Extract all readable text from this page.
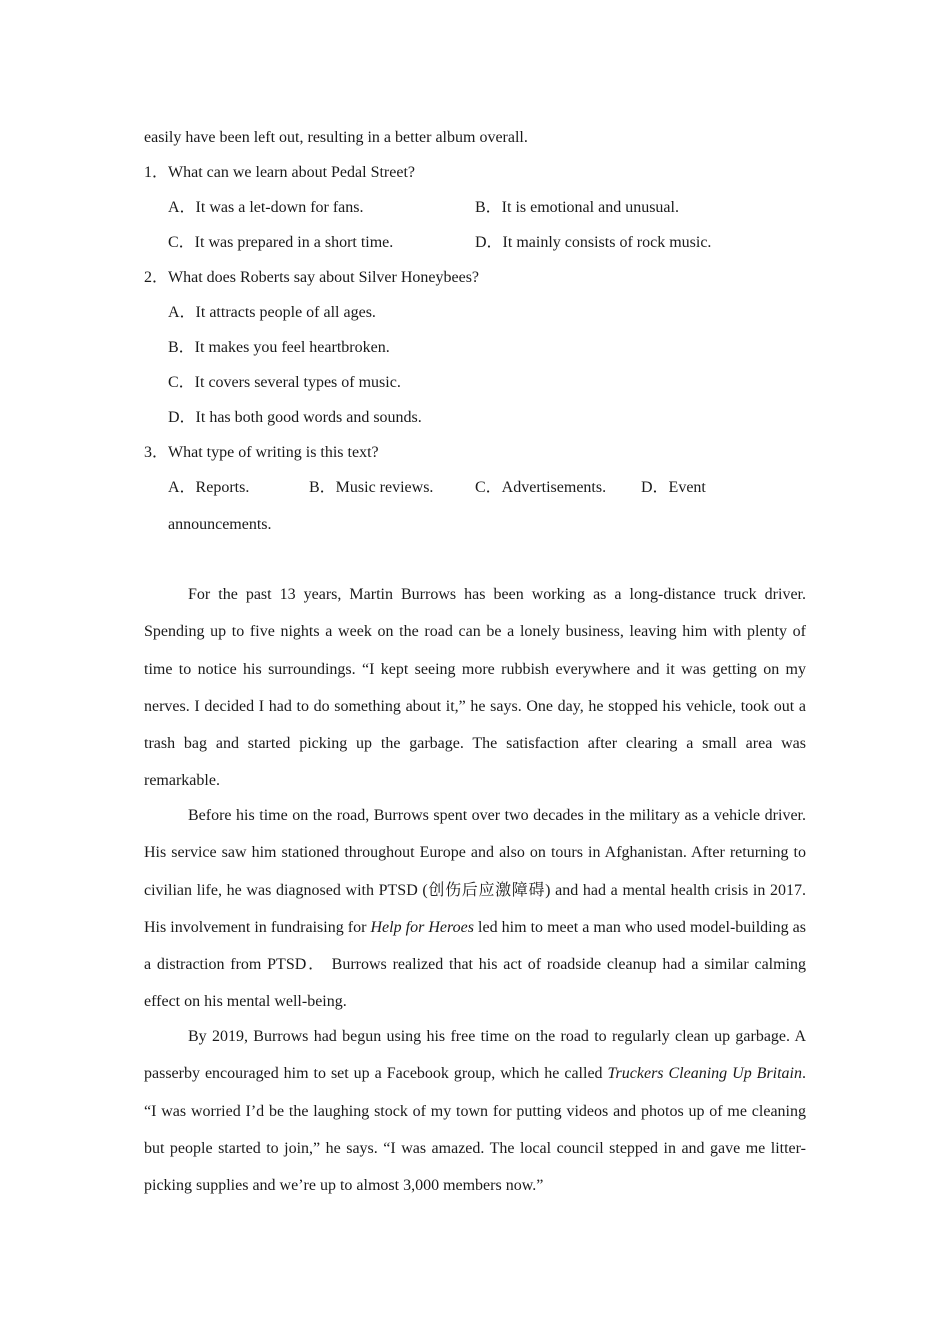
easily have been left out, resulting in a better album overall.
1．What can we learn about Pedal Street?
A．It was a let-down for fans.	B．It is emotional and unusual.
C．It was prepared in a short time.	D．It mainly consists of rock music.
2．What does Roberts say about Silver Honeybees?
A．It attracts people of all ages.
B．It makes you feel heartbroken.
C．It covers several types of music.
D．It has both good words and sounds.
3．What type of writing is this text?
A．Reports.	B．Music reviews.	C．Advertisements. D．Event
announcements.
For the past 13 years, Martin Burrows has been working as a long-distance truck driver. Spending up to five nights a week on the road can be a lonely business, leaving him with plenty of time to notice his surroundings. “I kept seeing more rubbish everywhere and it was getting on my nerves. I decided I had to do something about it,” he says. One day, he stopped his vehicle, took out a trash bag and started picking up the garbage. The satisfaction after clearing a small area was remarkable.
Before his time on the road, Burrows spent over two decades in the military as a vehicle driver. His service saw him stationed throughout Europe and also on tours in Afghanistan. After returning to civilian life, he was diagnosed with PTSD (创伤后应激障碍) and had a mental health crisis in 2017. His involvement in fundraising for Help for Heroes led him to meet a man who used model-building as a distraction from PTSD． Burrows realized that his act of roadside cleanup had a similar calming effect on his mental well-being.
By 2019, Burrows had begun using his free time on the road to regularly clean up garbage. A passerby encouraged him to set up a Facebook group, which he called Truckers Cleaning Up Britain. “I was worried I’d be the laughing stock of my town for putting videos and photos up of me cleaning but people started to join,” he says. “I was amazed. The local council stepped in and gave me litter-picking supplies and we’re up to almost 3,000 members now.”
